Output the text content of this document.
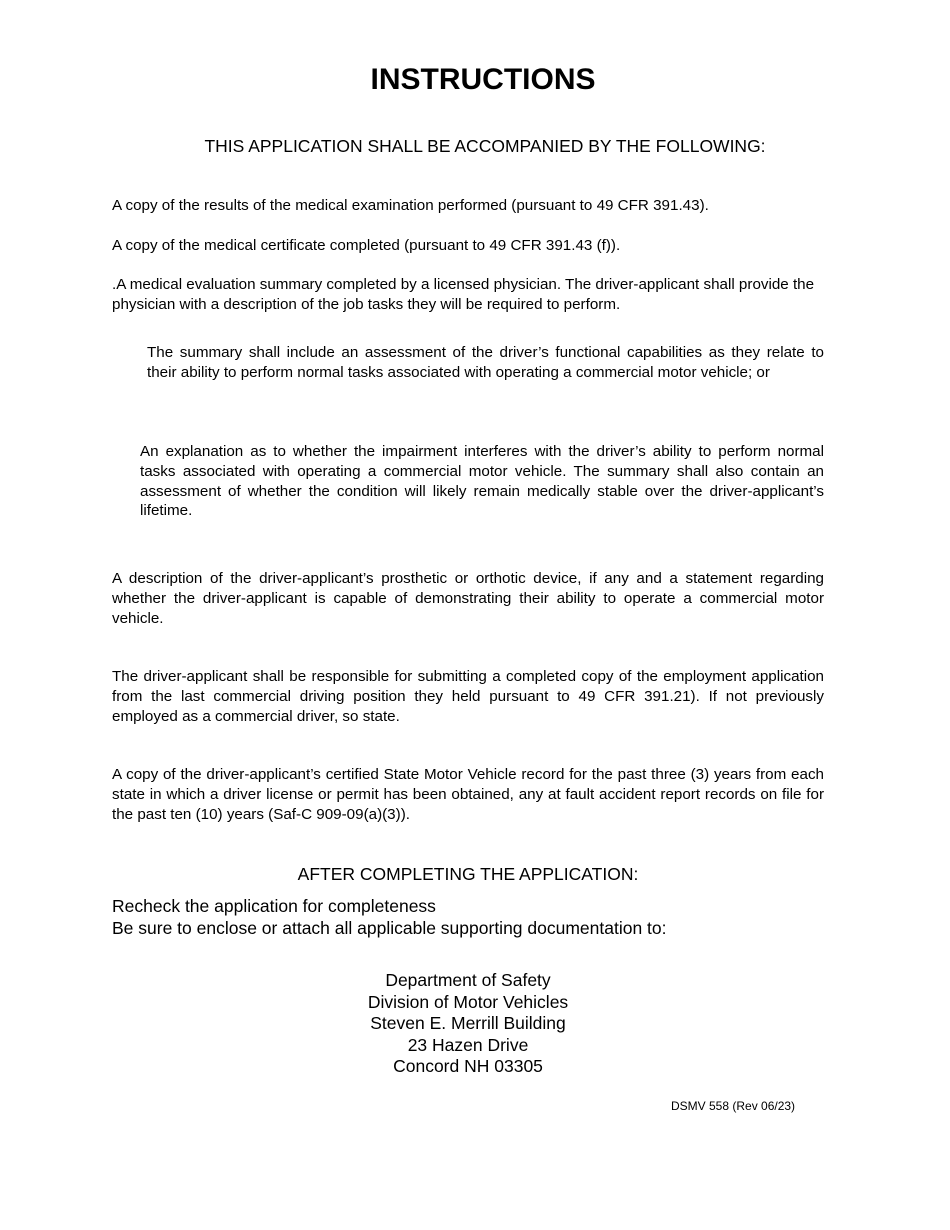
INSTRUCTIONS

THIS APPLICATION SHALL BE ACCOMPANIED BY THE FOLLOWING:

A copy of the results of the medical examination performed (pursuant to 49 CFR 391.43).

A copy of the medical certificate completed (pursuant to 49 CFR 391.43 (f)).

.A medical evaluation summary completed by a licensed physician. The driver-applicant shall provide the physician with a description of the job tasks they will be required to perform.

The summary shall include an assessment of the driver’s functional capabilities as they relate to their ability to perform normal tasks associated with operating a commercial motor vehicle; or

An explanation as to whether the impairment interferes with the driver’s ability to perform normal tasks associated with operating a commercial motor vehicle. The summary shall also contain an assessment of whether the condition will likely remain medically stable over the driver-applicant’s lifetime.

A description of the driver-applicant’s prosthetic or orthotic device, if any and a statement regarding whether the driver-applicant is capable of demonstrating their ability to operate a commercial motor vehicle.

The driver-applicant shall be responsible for submitting a completed copy of the employment application from the last commercial driving position they held pursuant to 49 CFR 391.21). If not previously employed as a commercial driver, so state.

A copy of the driver-applicant’s certified State Motor Vehicle record for the past three (3) years from each state in which a driver license or permit has been obtained, any at fault accident report records on file for the past ten (10) years (Saf-C 909-09(a)(3)).

AFTER COMPLETING THE APPLICATION:

Recheck the application for completeness

Be sure to enclose or attach all applicable supporting documentation to:

Department of Safety
Division of Motor Vehicles
Steven E. Merrill Building
23 Hazen Drive
Concord NH 03305

DSMV 558 (Rev 06/23)
